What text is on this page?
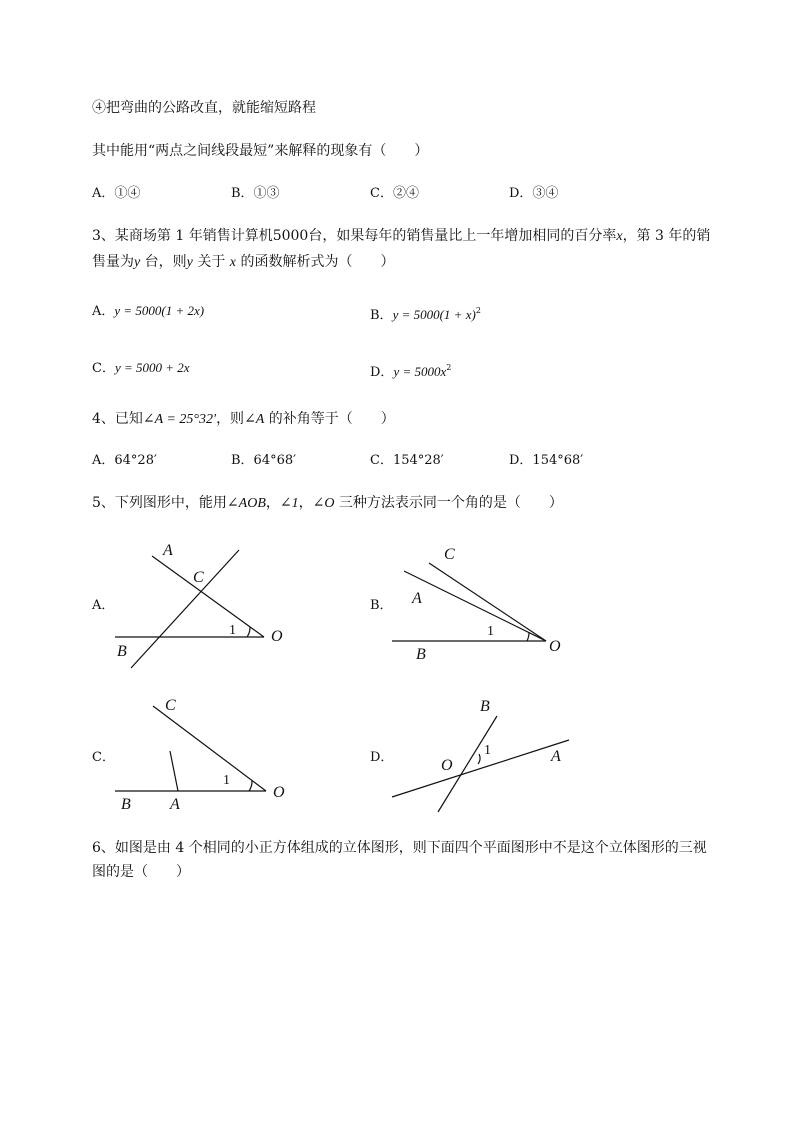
④把弯曲的公路改直，就能缩短路程
其中能用“两点之间线段最短”来解释的现象有（　　）
A．①④	B．①③	C．②④	D．③④
3、某商场第 1 年销售计算机5000台，如果每年的销售量比上一年增加相同的百分率x，第 3 年的销
售量为y 台，则y 关于 x 的函数解析式为（　　）
A．y = 5000(1 + 2x)	B．$y = 5000(1 + x)^2$
C．y = 5000 + 2x	D．$y = 5000x^2$
4、已知∠A = 25°32′，则∠A 的补角等于（　　）
A．64°28′	B．64°68′	C．154°28′	D．154°68′
5、下列图形中，能用∠AOB，∠1，∠O 三种方法表示同一个角的是（　　）
A．	B．
C．	D．
A
C
1 O
B
C
A
1
O
B
C
1
O
B A
B
1	A
O
6、如图是由 4 个相同的小正方体组成的立体图形，则下面四个平面图形中不是这个立体图形的三视
图的是（　　）
